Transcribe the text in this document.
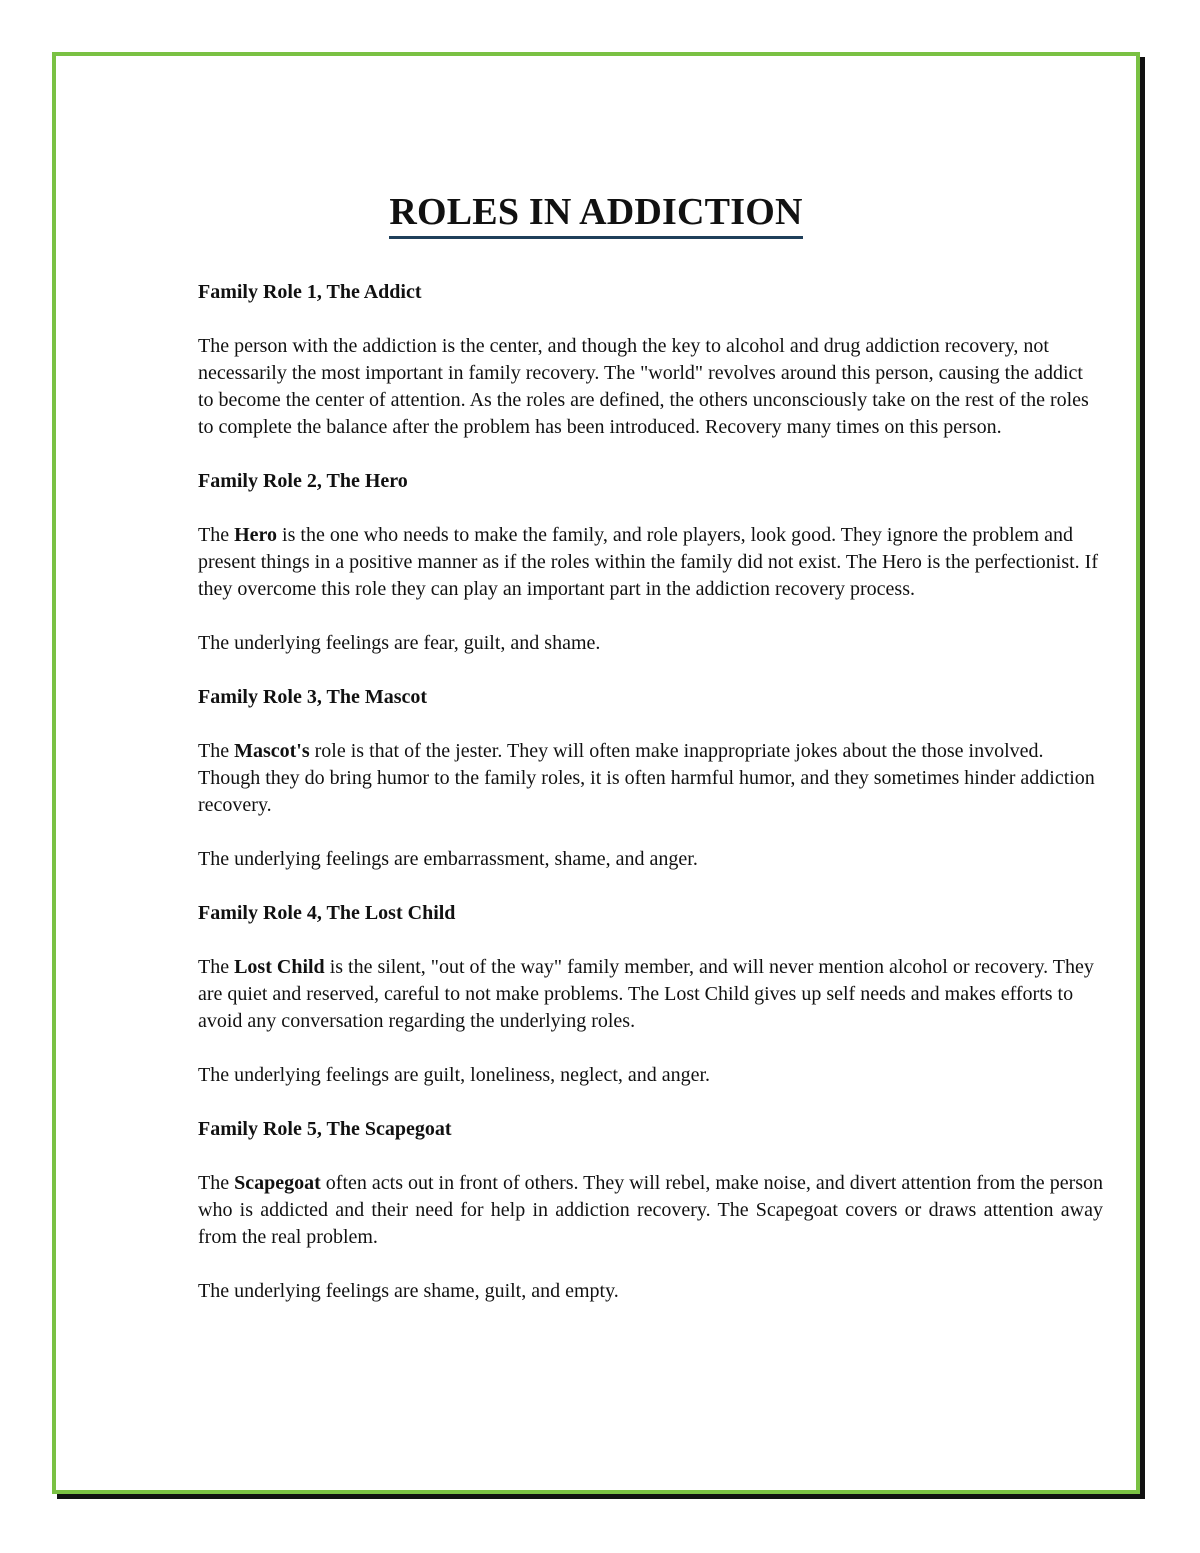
ROLES IN ADDICTION
Family Role 1, The Addict
The person with the addiction is the center, and though the key to alcohol and drug addiction recovery, not necessarily the most important in family recovery. The "world" revolves around this person, causing the addict to become the center of attention. As the roles are defined, the others unconsciously take on the rest of the roles to complete the balance after the problem has been introduced. Recovery many times on this person.
Family Role 2, The Hero
The Hero is the one who needs to make the family, and role players, look good. They ignore the problem and present things in a positive manner as if the roles within the family did not exist. The Hero is the perfectionist. If they overcome this role they can play an important part in the addiction recovery process.
The underlying feelings are fear, guilt, and shame.
Family Role 3, The Mascot
The Mascot's role is that of the jester. They will often make inappropriate jokes about the those involved. Though they do bring humor to the family roles, it is often harmful humor, and they sometimes hinder addiction recovery.
The underlying feelings are embarrassment, shame, and anger.
Family Role 4, The Lost Child
The Lost Child is the silent, "out of the way" family member, and will never mention alcohol or recovery. They are quiet and reserved, careful to not make problems. The Lost Child gives up self needs and makes efforts to avoid any conversation regarding the underlying roles.
The underlying feelings are guilt, loneliness, neglect, and anger.
Family Role 5, The Scapegoat
The Scapegoat often acts out in front of others. They will rebel, make noise, and divert attention from the person who is addicted and their need for help in addiction recovery. The Scapegoat covers or draws attention away from the real problem.
The underlying feelings are shame, guilt, and empty.
